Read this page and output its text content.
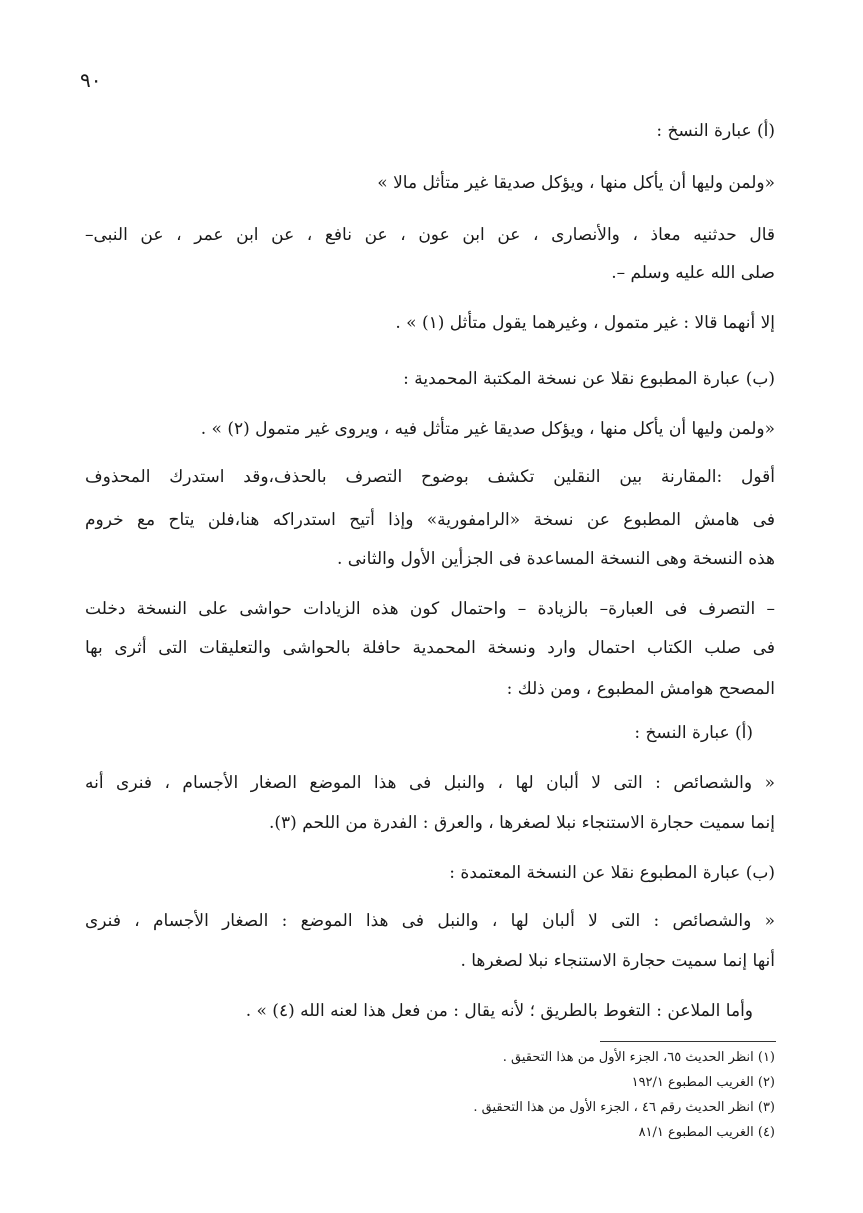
٩٠
(أ) عبارة النسخ :
«ولمن وليها أن يأكل منها ، ويؤكل صديقا غير متأثل مالا »
قال حدثنيه معاذ ، والأنصارى ، عن ابن عون ، عن نافع ، عن ابن عمر ، عن النبى–
صلى الله عليه وسلم –.
إلا أنهما قالا : غير متمول ، وغيرهما يقول متأثل (١) » .
(ب) عبارة المطبوع نقلا عن نسخة المكتبة المحمدية :
«ولمن وليها أن يأكل منها ، ويؤكل صديقا غير متأثل فيه ، ويروى غير متمول (٢) » .
أقول :المقارنة بين النقلين تكشف بوضوح التصرف بالحذف،وقد استدرك المحذوف
فى هامش المطبوع عن نسخة «الرامفورية» وإذا أتيح استدراكه هنا،فلن يتاح مع خروم
هذه النسخة وهى النسخة المساعدة فى الجزأين الأول والثانى .
– التصرف فى العبارة– بالزيادة – واحتمال كون هذه الزيادات حواشى على النسخة دخلت
فى صلب الكتاب احتمال وارد ونسخة المحمدية حافلة بالحواشى والتعليقات التى أثرى بها
المصحح هوامش المطبوع ، ومن ذلك :
(أ) عبارة النسخ :
« والشصائص : التى لا ألبان لها ، والنبل فى هذا الموضع الصغار الأجسام ، فنرى أنه
إنما سميت حجارة الاستنجاء نبلا لصغرها ، والعرق : الفدرة من اللحم (٣).
(ب) عبارة المطبوع نقلا عن النسخة المعتمدة :
« والشصائص : التى لا ألبان لها ، والنبل فى هذا الموضع : الصغار الأجسام ، فنرى
أنها إنما سميت حجارة الاستنجاء نبلا لصغرها .
وأما الملاعن : التغوط بالطريق ؛ لأنه يقال : من فعل هذا لعنه الله (٤) » .
(١) انظر الحديث ٦٥، الجزء الأول من هذا التحقيق .
(٢) الغريب المطبوع ١٩٢/١
(٣) انظر الحديث رقم ٤٦ ، الجزء الأول من هذا التحقيق .
(٤) الغريب المطبوع ٨١/١
